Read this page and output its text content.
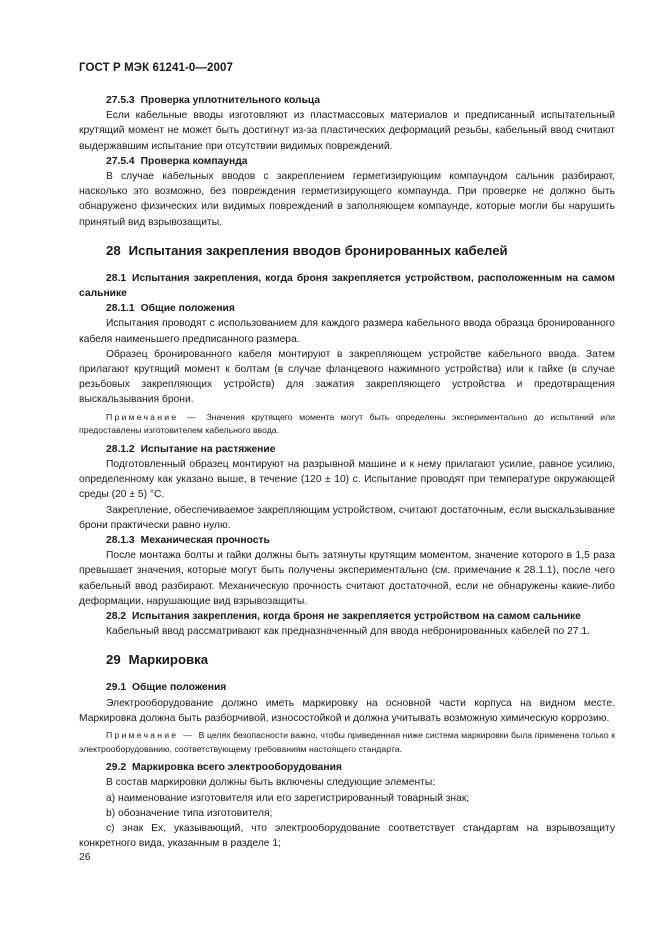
ГОСТ Р МЭК 61241-0—2007

27.5.3 Проверка уплотнительного кольца

Если кабельные вводы изготовляют из пластмассовых материалов и предписанный испытательный крутящий момент не может быть достигнут из-за пластических деформаций резьбы, кабельный ввод считают выдержавшим испытание при отсутствии видимых повреждений.

27.5.4 Проверка компаунда

В случае кабельных вводов с закреплением герметизирующим компаундом сальник разбирают, насколько это возможно, без повреждения герметизирующего компаунда. При проверке не должно быть обнаружено физических или видимых повреждений в заполняющем компаунде, которые могли бы нарушить принятый вид взрывозащиты.

28 Испытания закрепления вводов бронированных кабелей

28.1 Испытания закрепления, когда броня закрепляется устройством, расположенным на самом сальнике

28.1.1 Общие положения

Испытания проводят с использованием для каждого размера кабельного ввода образца бронированного кабеля наименьшего предписанного размера.

Образец бронированного кабеля монтируют в закрепляющем устройстве кабельного ввода. Затем прилагают крутящий момент к болтам (в случае фланцевого нажимного устройства) или к гайке (в случае резьбовых закрепляющих устройств) для зажатия закрепляющего устройства и предотвращения выскальзывания брони.

Примечание — Значения крутящего момента могут быть определены экспериментально до испытаний или предоставлены изготовителем кабельного ввода.

28.1.2 Испытание на растяжение

Подготовленный образец монтируют на разрывной машине и к нему прилагают усилие, равное усилию, определенному как указано выше, в течение (120 ± 10) с. Испытание проводят при температуре окружающей среды (20 ± 5) °С.

Закрепление, обеспечиваемое закрепляющим устройством, считают достаточным, если выскальзывание брони практически равно нулю.

28.1.3 Механическая прочность

После монтажа болты и гайки должны быть затянуты крутящим моментом, значение которого в 1,5 раза превышает значения, которые могут быть получены экспериментально (см. примечание к 28.1.1), после чего кабельный ввод разбирают. Механическую прочность считают достаточной, если не обнаружены какие-либо деформации, нарушающие вид взрывозащиты.

28.2 Испытания закрепления, когда броня не закрепляется устройством на самом сальнике

Кабельный ввод рассматривают как предназначенный для ввода небронированных кабелей по 27.1.

29 Маркировка

29.1 Общие положения

Электрооборудование должно иметь маркировку на основной части корпуса на видном месте. Маркировка должна быть разборчивой, износостойкой и должна учитывать возможную химическую коррозию.

Примечание — В целях безопасности важно, чтобы приведенная ниже система маркировки была применена только к электрооборудованию, соответствующему требованиям настоящего стандарта.

29.2 Маркировка всего электрооборудования

В состав маркировки должны быть включены следующие элементы:

а) наименование изготовителя или его зарегистрированный товарный знак;

b) обозначение типа изготовителя;

c) знак Ex, указывающий, что электрооборудование соответствует стандартам на взрывозащиту конкретного вида, указанным в разделе 1;

26
